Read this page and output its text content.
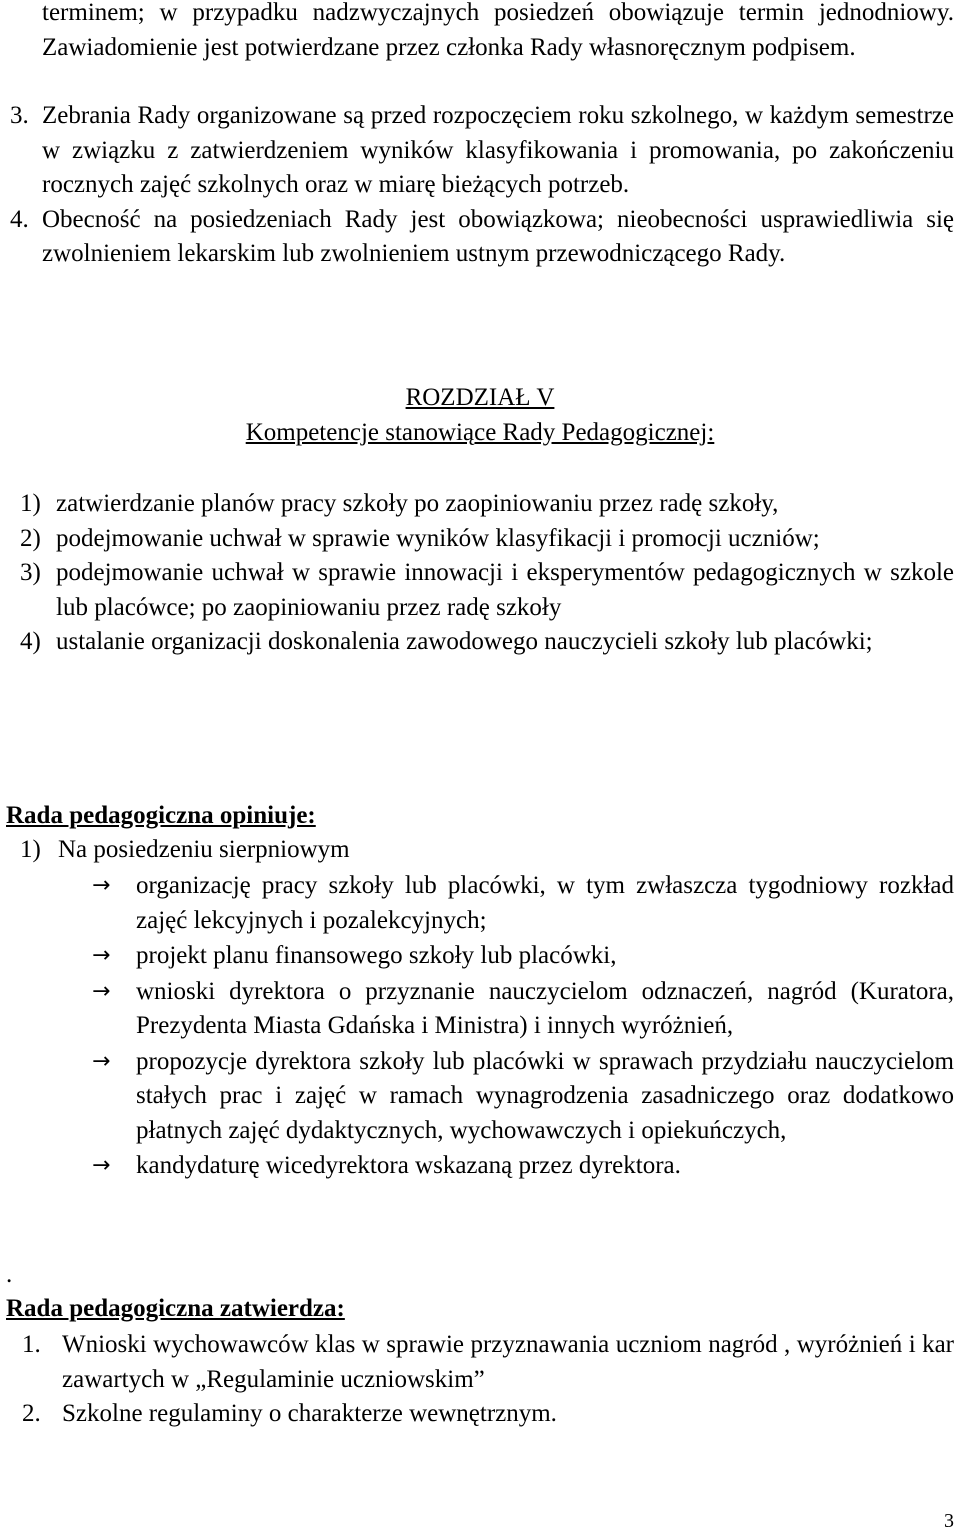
terminem; w przypadku nadzwyczajnych posiedzeń obowiązuje termin jednodniowy. Zawiadomienie jest potwierdzane przez członka Rady własnoręcznym podpisem.
3. Zebrania Rady organizowane są przed rozpoczęciem roku szkolnego, w każdym semestrze w związku z zatwierdzeniem wyników klasyfikowania i promowania, po zakończeniu rocznych zajęć szkolnych oraz w miarę bieżących potrzeb.
4. Obecność na posiedzeniach Rady jest obowiązkowa; nieobecności usprawiedliwia się zwolnieniem lekarskim lub zwolnieniem ustnym przewodniczącego Rady.
ROZDZIAŁ V
Kompetencje stanowiące Rady Pedagogicznej:
1) zatwierdzanie planów pracy szkoły po zaopiniowaniu przez radę szkoły,
2) podejmowanie uchwał w sprawie wyników klasyfikacji i promocji uczniów;
3) podejmowanie uchwał w sprawie innowacji i eksperymentów pedagogicznych w szkole lub placówce; po zaopiniowaniu przez radę szkoły
4) ustalanie organizacji doskonalenia zawodowego nauczycieli szkoły lub placówki;
Rada pedagogiczna opiniuje:
1) Na posiedzeniu sierpniowym
→	organizację pracy szkoły lub placówki, w tym zwłaszcza tygodniowy rozkład zajęć lekcyjnych i pozalekcyjnych;
→	projekt planu finansowego szkoły lub placówki,
→	wnioski dyrektora o przyznanie nauczycielom odznaczeń, nagród (Kuratora, Prezydenta Miasta Gdańska i Ministra) i innych wyróżnień,
→	propozycje dyrektora szkoły lub placówki w sprawach przydziału nauczycielom stałych prac i zajęć w ramach wynagrodzenia zasadniczego oraz dodatkowo płatnych zajęć dydaktycznych, wychowawczych i opiekuńczych,
→	kandydaturę wicedyrektora wskazaną przez dyrektora.
.
Rada pedagogiczna zatwierdza:
1. Wnioski wychowawców klas w sprawie przyznawania uczniom nagród , wyróżnień i kar zawartych w „Regulaminie uczniowskim”
2. Szkolne regulaminy o charakterze wewnętrznym.
3
